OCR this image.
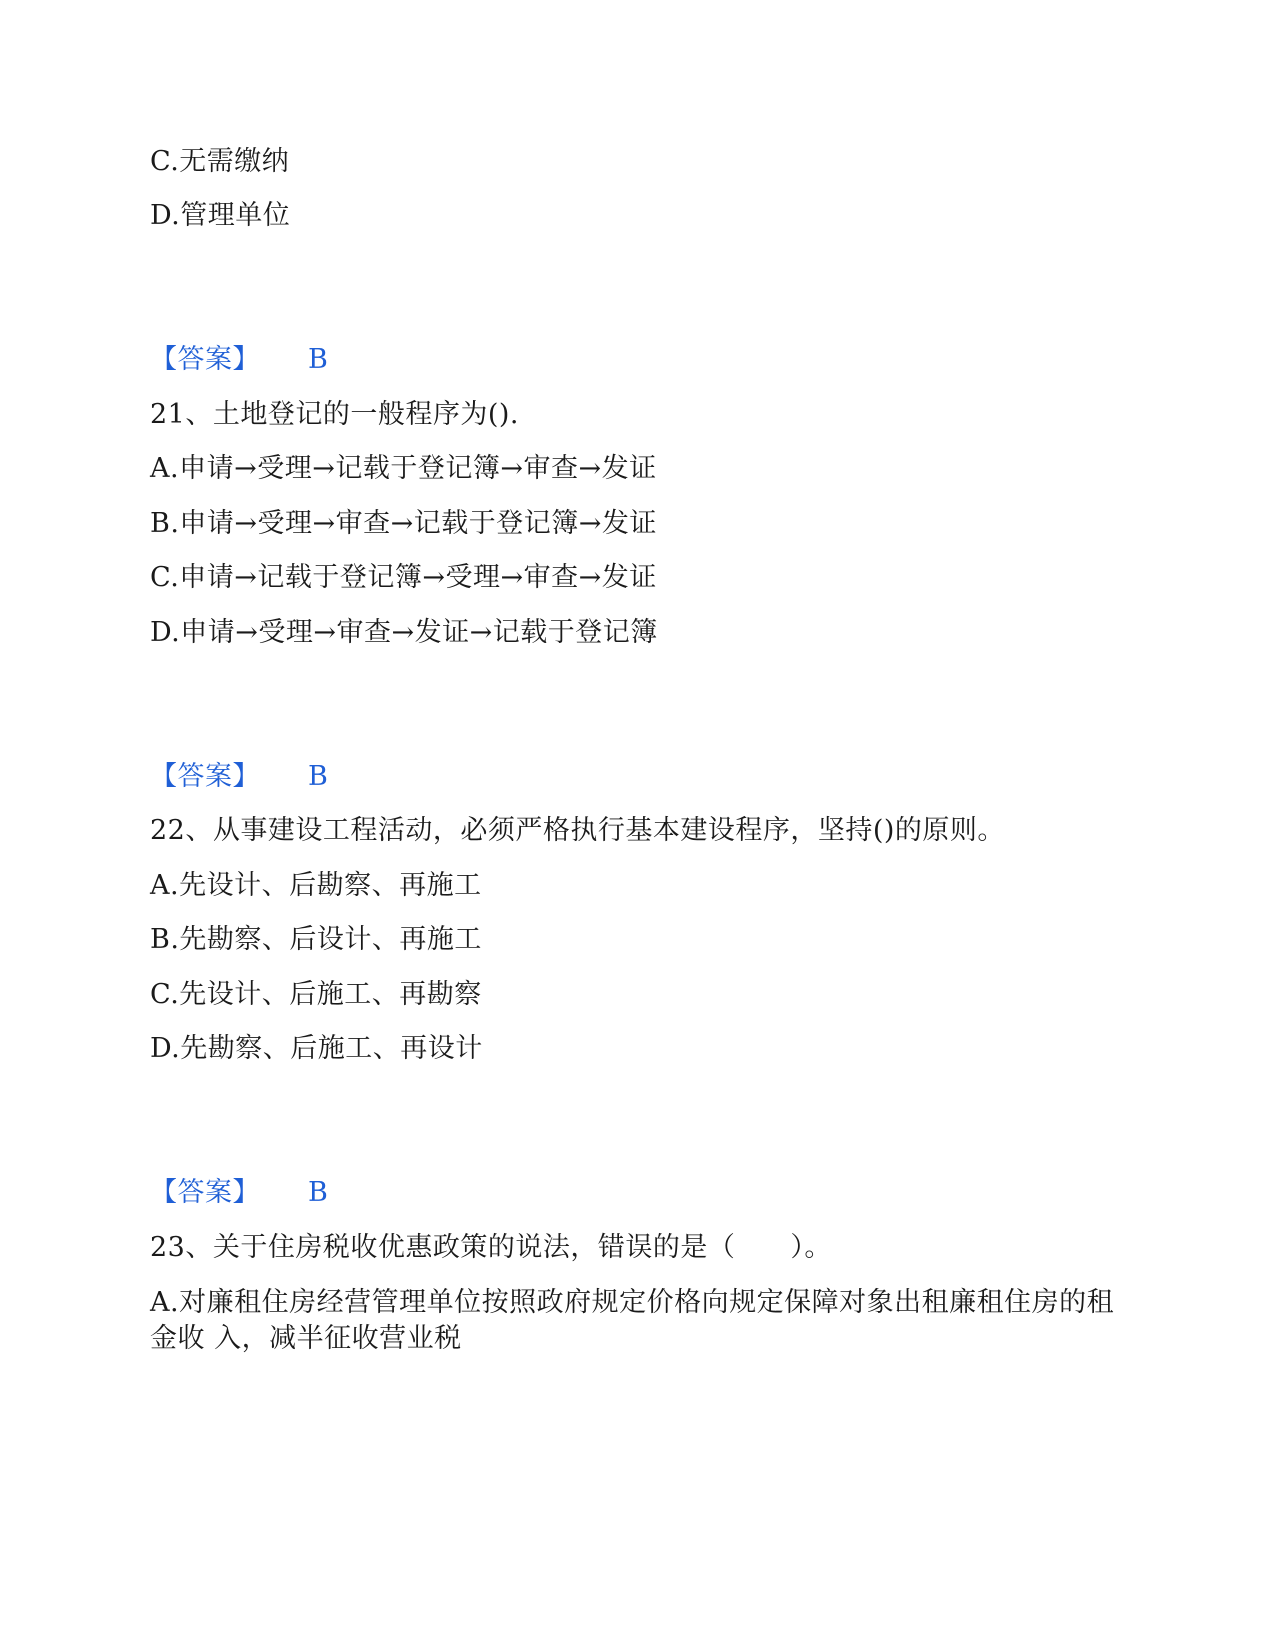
C.无需缴纳
D.管理单位
【答案】 B
21、土地登记的一般程序为().
A.申请→受理→记载于登记簿→审查→发证
B.申请→受理→审查→记载于登记簿→发证
C.申请→记载于登记簿→受理→审查→发证
D.申请→受理→审查→发证→记载于登记簿
【答案】 B
22、从事建设工程活动，必须严格执行基本建设程序，坚持()的原则。
A.先设计、后勘察、再施工
B.先勘察、后设计、再施工
C.先设计、后施工、再勘察
D.先勘察、后施工、再设计
【答案】 B
23、关于住房税收优惠政策的说法，错误的是（　　）。
A.对廉租住房经营管理单位按照政府规定价格向规定保障对象出租廉租住房的租金收 入，减半征收营业税
